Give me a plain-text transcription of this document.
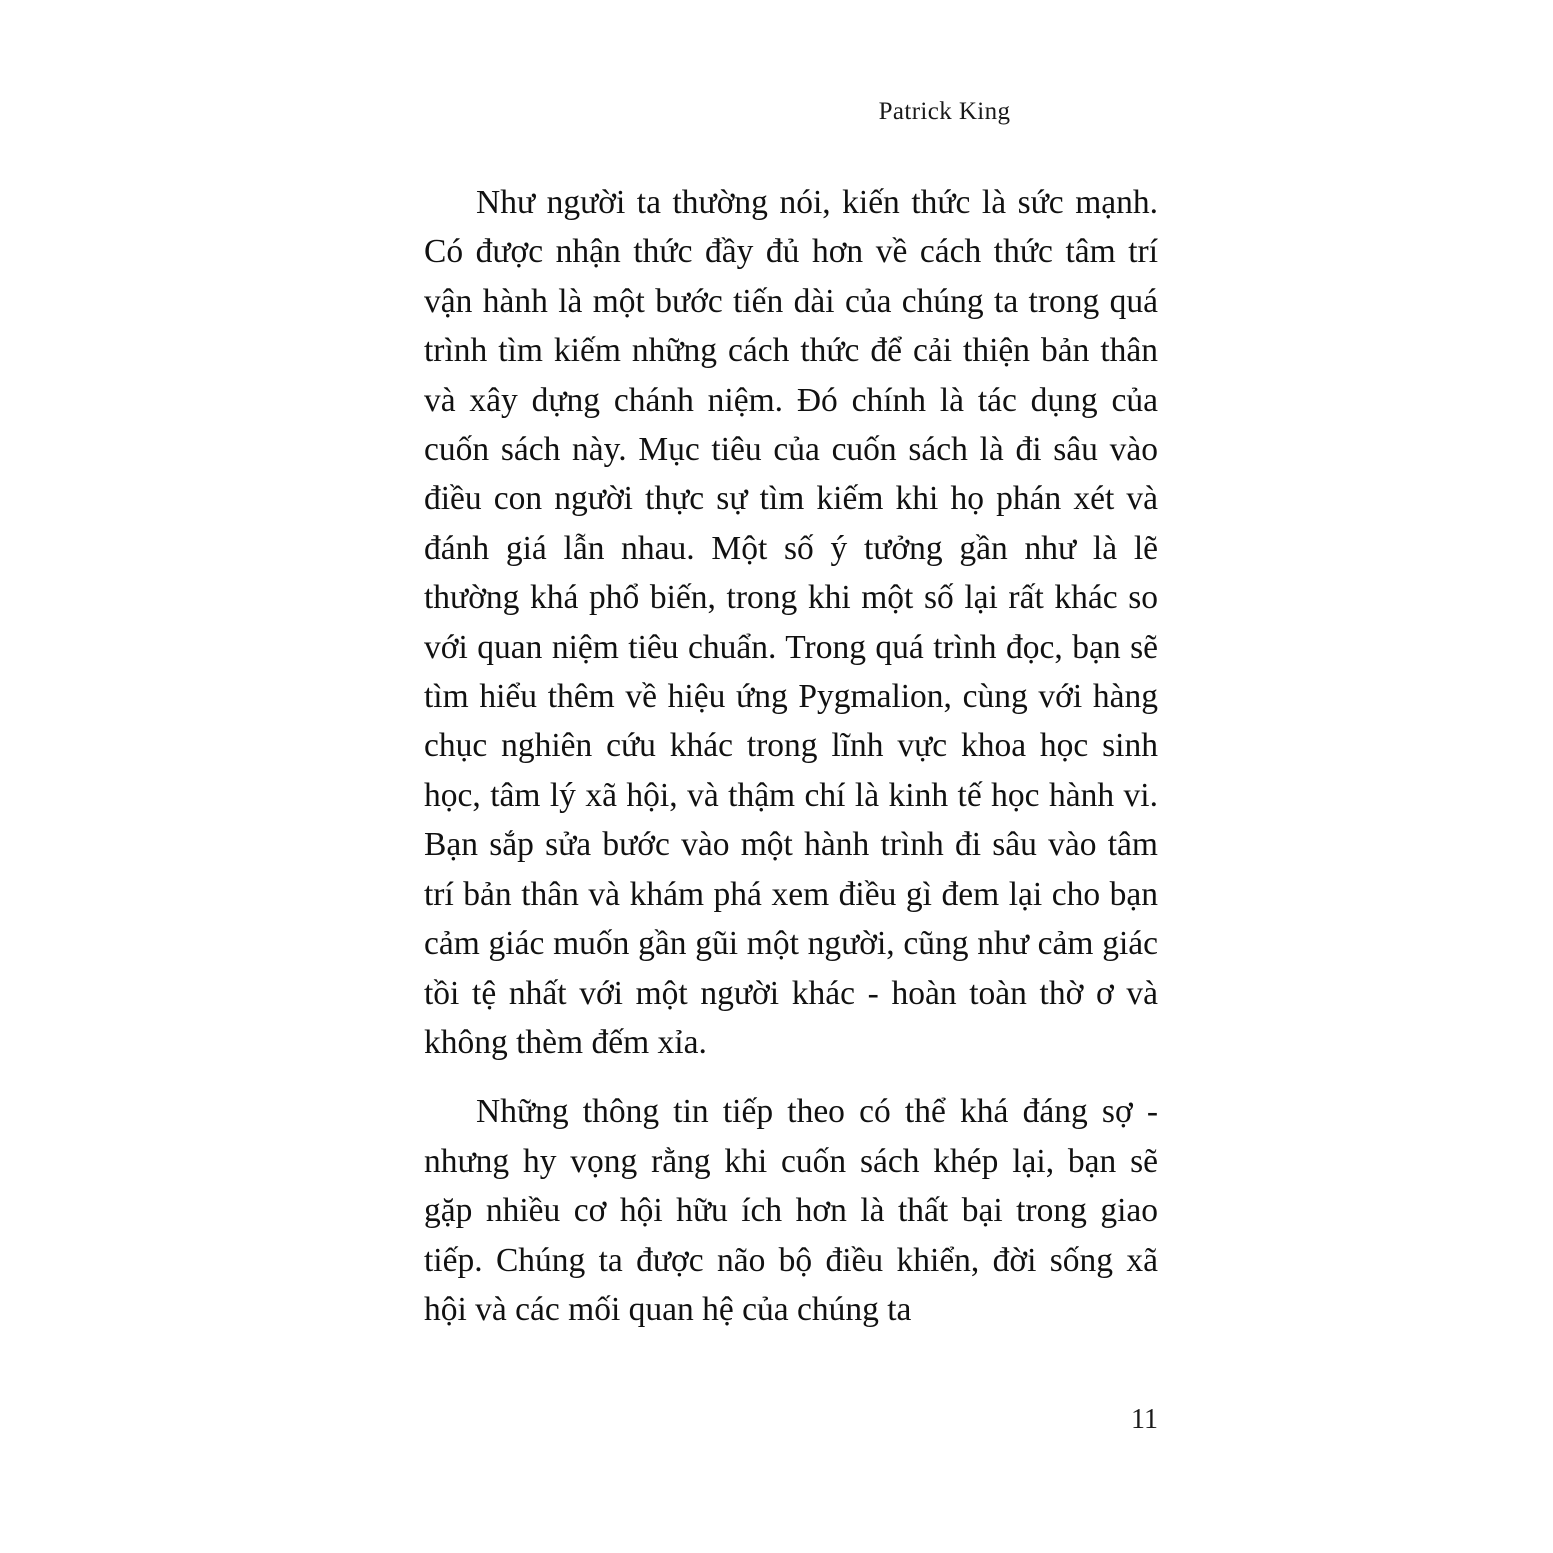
Patrick King

Như người ta thường nói, kiến thức là sức mạnh. Có được nhận thức đầy đủ hơn về cách thức tâm trí vận hành là một bước tiến dài của chúng ta trong quá trình tìm kiếm những cách thức để cải thiện bản thân và xây dựng chánh niệm. Đó chính là tác dụng của cuốn sách này. Mục tiêu của cuốn sách là đi sâu vào điều con người thực sự tìm kiếm khi họ phán xét và đánh giá lẫn nhau. Một số ý tưởng gần như là lẽ thường khá phổ biến, trong khi một số lại rất khác so với quan niệm tiêu chuẩn. Trong quá trình đọc, bạn sẽ tìm hiểu thêm về hiệu ứng Pygmalion, cùng với hàng chục nghiên cứu khác trong lĩnh vực khoa học sinh học, tâm lý xã hội, và thậm chí là kinh tế học hành vi. Bạn sắp sửa bước vào một hành trình đi sâu vào tâm trí bản thân và khám phá xem điều gì đem lại cho bạn cảm giác muốn gần gũi một người, cũng như cảm giác tồi tệ nhất với một người khác - hoàn toàn thờ ơ và không thèm đếm xỉa.

Những thông tin tiếp theo có thể khá đáng sợ - nhưng hy vọng rằng khi cuốn sách khép lại, bạn sẽ gặp nhiều cơ hội hữu ích hơn là thất bại trong giao tiếp. Chúng ta được não bộ điều khiển, đời sống xã hội và các mối quan hệ của chúng ta

11
